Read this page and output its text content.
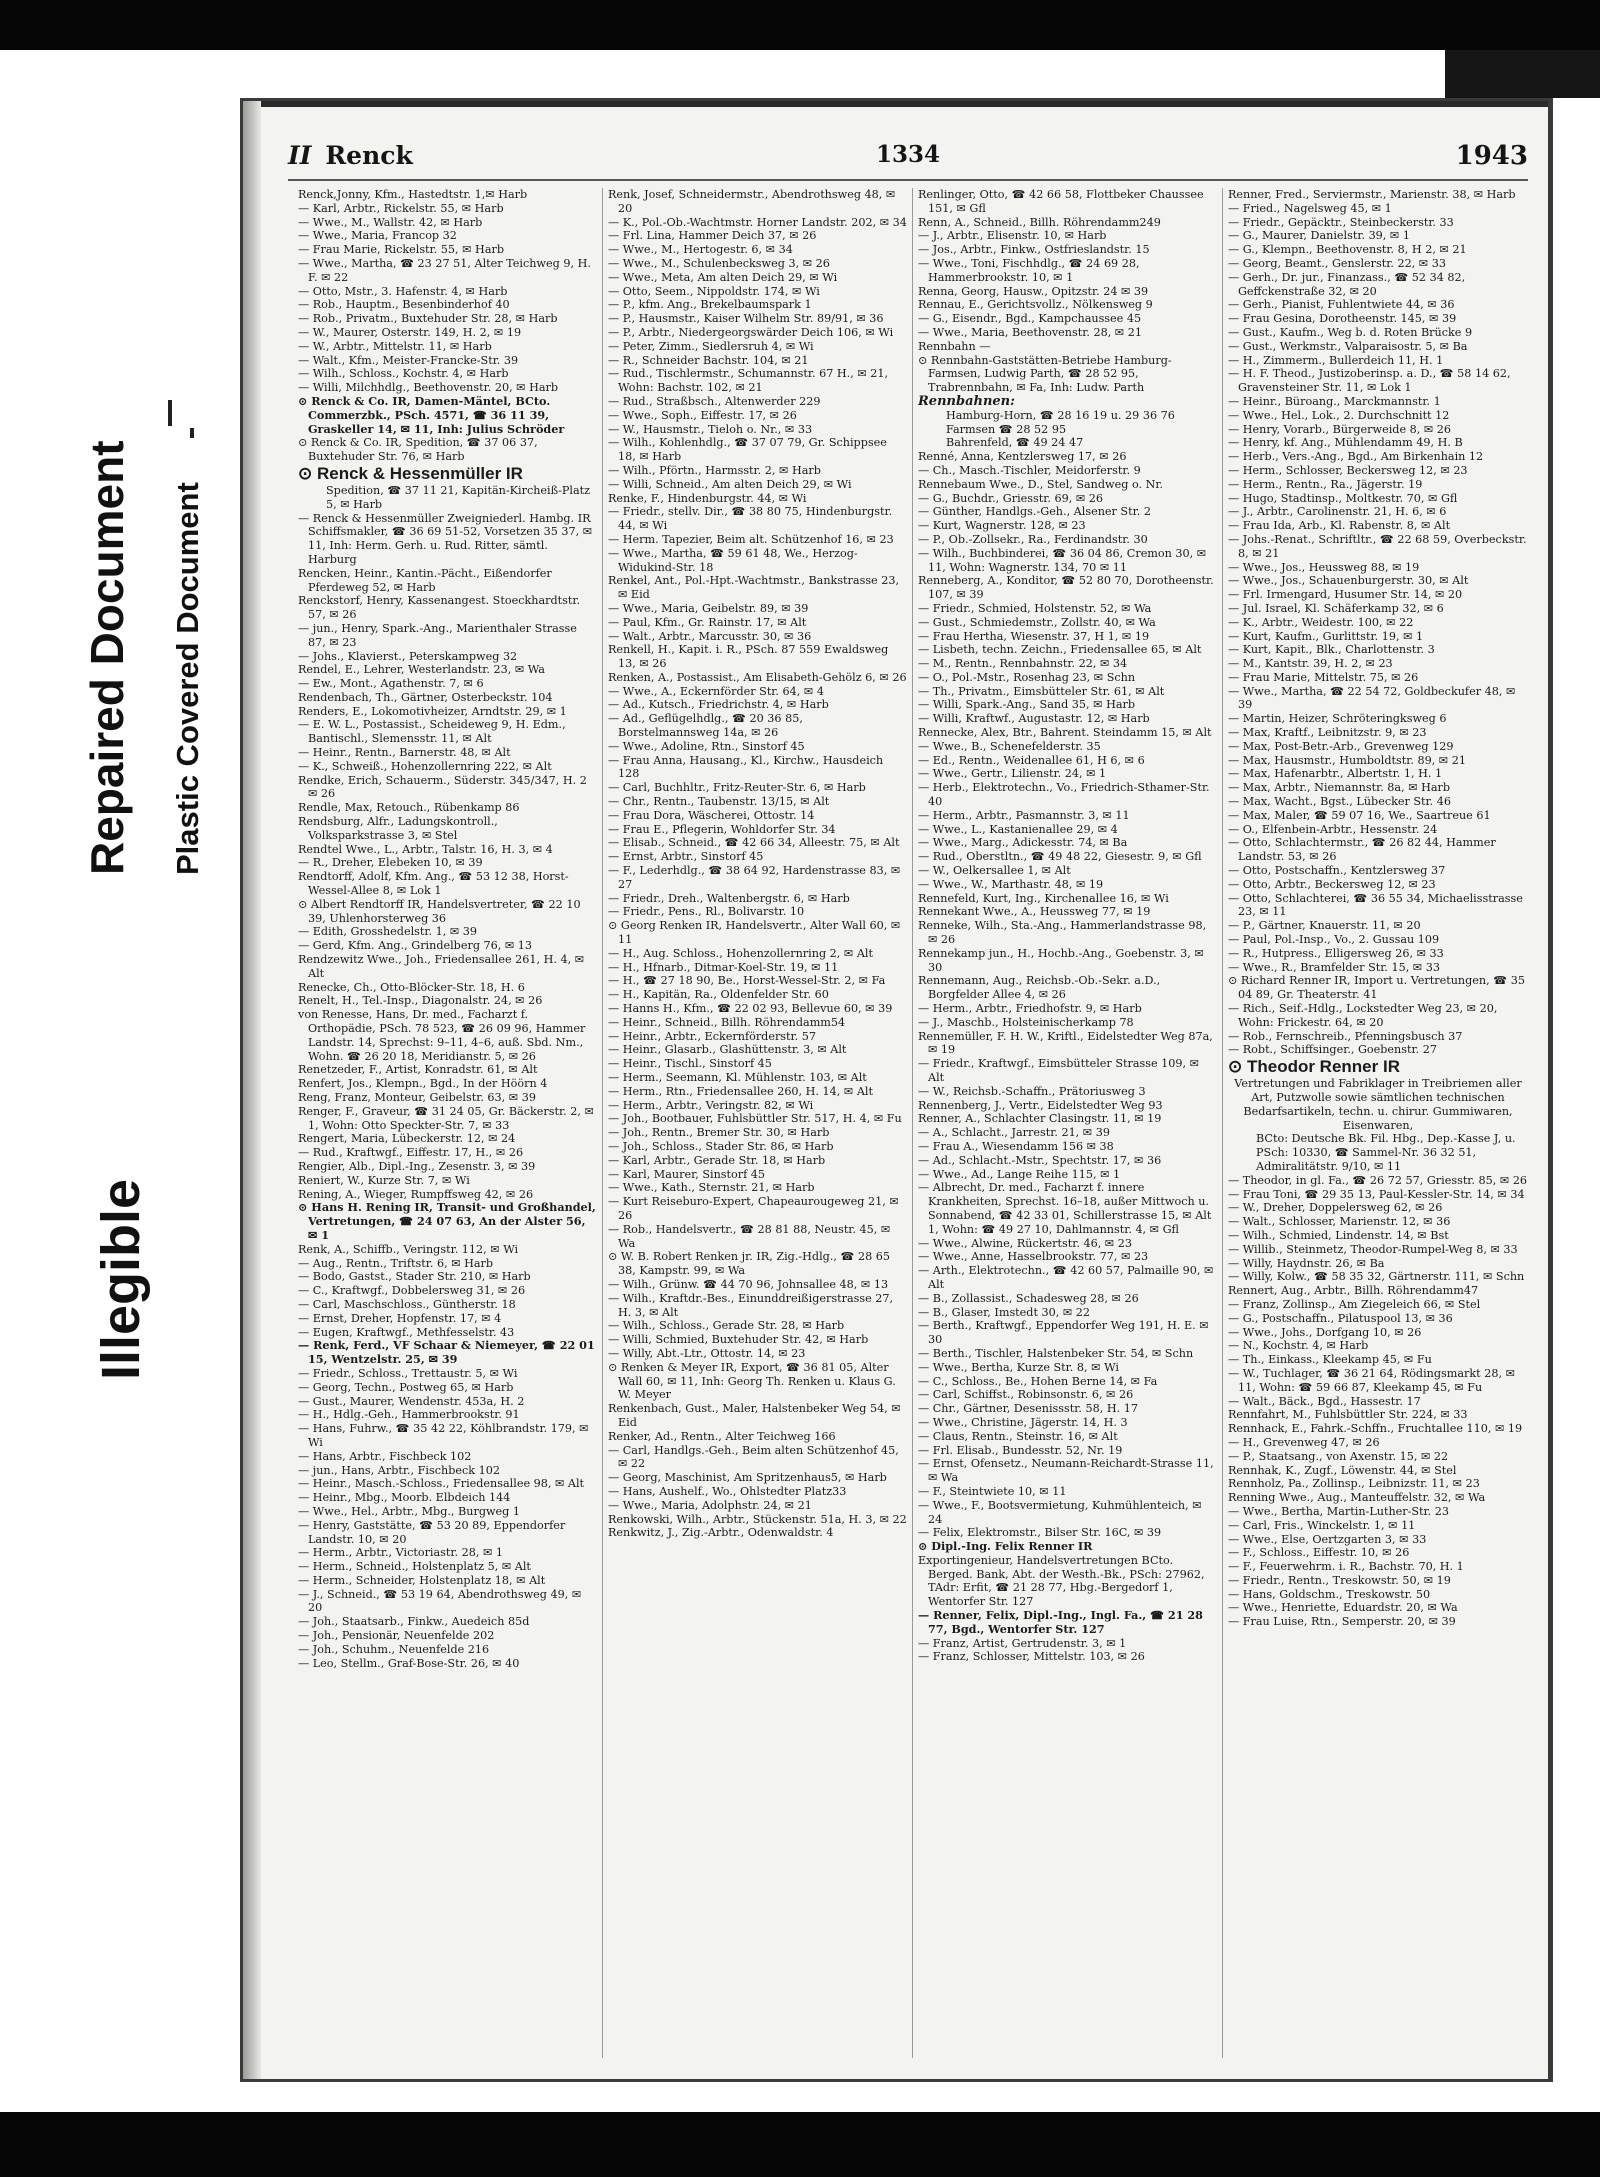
Repaired Document Plastic Covered Document
Illegible
II Renck	1334	1943

Renck,Jonny, Kfm., Hastedtstr. 1,✉ Harb

— Karl, Arbtr., Rickelstr. 55, ✉ Harb

— Wwe., M., Wallstr. 42, ✉ Harb

— Wwe., Maria, Francop 32

— Frau Marie, Rickelstr. 55, ✉ Harb

— Wwe., Martha, ☎ 23 27 51, Alter Teichweg 9, H. F. ✉ 22

— Otto, Mstr., 3. Hafenstr. 4, ✉ Harb

— Rob., Hauptm., Besenbinderhof 40

— Rob., Privatm., Buxtehuder Str. 28, ✉ Harb

— W., Maurer, Osterstr. 149, H. 2, ✉ 19

— W., Arbtr., Mittelstr. 11, ✉ Harb

— Walt., Kfm., Meister-Francke-Str. 39

— Wilh., Schloss., Kochstr. 4, ✉ Harb

— Willi, Milchhdlg., Beethovenstr. 20, ✉ Harb

⊙ Renck & Co. IR, Damen-Mäntel, BCto. Commerzbk., PSch. 4571, ☎ 36 11 39, Graskeller 14, ✉ 11, Inh: Julius Schröder

⊙ Renck & Co. IR, Spedition, ☎ 37 06 37, Buxtehuder Str. 76, ✉ Harb

⊙ Renck & Hessenmüller IR

Spedition, ☎ 37 11 21, Kapitän-Kircheiß-Platz 5, ✉ Harb

— Renck & Hessenmüller Zweigniederl. Hambg. IR Schiffsmakler, ☎ 36 69 51-52, Vorsetzen 35 37, ✉ 11, Inh: Herm. Gerh. u. Rud. Ritter, sämtl. Harburg

Rencken, Heinr., Kantin.-Pächt., Eißendorfer Pferdeweg 52, ✉ Harb

Renckstorf, Henry, Kassenangest. Stoeckhardtstr. 57, ✉ 26

— jun., Henry, Spark.-Ang., Marienthaler Strasse 87, ✉ 23

— Johs., Klavierst., Peterskampweg 32

Rendel, E., Lehrer, Westerlandstr. 23, ✉ Wa

— Ew., Mont., Agathenstr. 7, ✉ 6

Rendenbach, Th., Gärtner, Osterbeckstr. 104

Renders, E., Lokomotivheizer, Arndtstr. 29, ✉ 1

— E. W. L., Postassist., Scheideweg 9, H. Edm., Bantischl., Slemensstr. 11, ✉ Alt

— Heinr., Rentn., Barnerstr. 48, ✉ Alt

— K., Schweiß., Hohenzollernring 222, ✉ Alt

Rendke, Erich, Schauerm., Süderstr. 345/347, H. 2 ✉ 26

Rendle, Max, Retouch., Rübenkamp 86

Rendsburg, Alfr., Ladungskontroll., Volksparkstrasse 3, ✉ Stel

Rendtel Wwe., L., Arbtr., Talstr. 16, H. 3, ✉ 4

— R., Dreher, Elebeken 10, ✉ 39

Rendtorff, Adolf, Kfm. Ang., ☎ 53 12 38, Horst-Wessel-Allee 8, ✉ Lok 1

⊙ Albert Rendtorff IR, Handelsvertreter, ☎ 22 10 39, Uhlenhorsterweg 36

— Edith, Grosshedelstr. 1, ✉ 39

— Gerd, Kfm. Ang., Grindelberg 76, ✉ 13

Rendzewitz Wwe., Joh., Friedensallee 261, H. 4, ✉ Alt

Renecke, Ch., Otto-Blöcker-Str. 18, H. 6

Renelt, H., Tel.-Insp., Diagonalstr. 24, ✉ 26

von Renesse, Hans, Dr. med., Facharzt f. Orthopädie, PSch. 78 523, ☎ 26 09 96, Hammer Landstr. 14, Sprechst: 9–11, 4–6, auß. Sbd. Nm., Wohn. ☎ 26 20 18, Meridianstr. 5, ✉ 26

Renetzeder, F., Artist, Konradstr. 61, ✉ Alt

Renfert, Jos., Klempn., Bgd., In der Höörn 4

Reng, Franz, Monteur, Geibelstr. 63, ✉ 39

Renger, F., Graveur, ☎ 31 24 05, Gr. Bäckerstr. 2, ✉ 1, Wohn: Otto Speckter-Str. 7, ✉ 33

Rengert, Maria, Lübeckerstr. 12, ✉ 24

— Rud., Kraftwgf., Eiffestr. 17, H., ✉ 26

Rengier, Alb., Dipl.-Ing., Zesenstr. 3, ✉ 39

Reniert, W., Kurze Str. 7, ✉ Wi

Rening, A., Wieger, Rumpffsweg 42, ✉ 26

⊙ Hans H. Rening IR, Transit- und Großhandel, Vertretungen, ☎ 24 07 63, An der Alster 56, ✉ 1

Renk, A., Schiffb., Veringstr. 112, ✉ Wi

— Aug., Rentn., Triftstr. 6, ✉ Harb

— Bodo, Gastst., Stader Str. 210, ✉ Harb

— C., Kraftwgf., Dobbelersweg 31, ✉ 26

— Carl, Maschschloss., Güntherstr. 18

— Ernst, Dreher, Hopfenstr. 17, ✉ 4

— Eugen, Kraftwgf., Methfesselstr. 43

— Renk, Ferd., VF Schaar & Niemeyer, ☎ 22 01 15, Wentzelstr. 25, ✉ 39

— Friedr., Schloss., Trettaustr. 5, ✉ Wi

— Georg, Techn., Postweg 65, ✉ Harb

— Gust., Maurer, Wendenstr. 453a, H. 2

— H., Hdlg.-Geh., Hammerbrookstr. 91

— Hans, Fuhrw., ☎ 35 42 22, Köhlbrandstr. 179, ✉ Wi

— Hans, Arbtr., Fischbeck 102

— jun., Hans, Arbtr., Fischbeck 102

— Heinr., Masch.-Schloss., Friedensallee 98, ✉ Alt

— Heinr., Mbg., Moorb. Elbdeich 144

— Wwe., Hel., Arbtr., Mbg., Burgweg 1

— Henry, Gaststätte, ☎ 53 20 89, Eppendorfer Landstr. 10, ✉ 20

— Herm., Arbtr., Victoriastr. 28, ✉ 1

— Herm., Schneid., Holstenplatz 5, ✉ Alt

— Herm., Schneider, Holstenplatz 18, ✉ Alt

— J., Schneid., ☎ 53 19 64, Abendrothsweg 49, ✉ 20

— Joh., Staatsarb., Finkw., Auedeich 85d

— Joh., Pensionär, Neuenfelde 202

— Joh., Schuhm., Neuenfelde 216

— Leo, Stellm., Graf-Bose-Str. 26, ✉ 40

Renk, Josef, Schneidermstr., Abendrothsweg 48, ✉ 20

— K., Pol.-Ob.-Wachtmstr. Horner Landstr. 202, ✉ 34

— Frl. Lina, Hammer Deich 37, ✉ 26

— Wwe., M., Hertogestr. 6, ✉ 34

— Wwe., M., Schulenbecksweg 3, ✉ 26

— Wwe., Meta, Am alten Deich 29, ✉ Wi

— Otto, Seem., Nippoldstr. 174, ✉ Wi

— P., kfm. Ang., Brekelbaumspark 1

— P., Hausmstr., Kaiser Wilhelm Str. 89/91, ✉ 36

— P., Arbtr., Niedergeorgswärder Deich 106, ✉ Wi

— Peter, Zimm., Siedlersruh 4, ✉ Wi

— R., Schneider Bachstr. 104, ✉ 21

— Rud., Tischlermstr., Schumannstr. 67 H., ✉ 21, Wohn: Bachstr. 102, ✉ 21

— Rud., Straßbsch., Altenwerder 229

— Wwe., Soph., Eiffestr. 17, ✉ 26

— W., Hausmstr., Tieloh o. Nr., ✉ 33

— Wilh., Kohlenhdlg., ☎ 37 07 79, Gr. Schippsee 18, ✉ Harb

— Wilh., Pförtn., Harmsstr. 2, ✉ Harb

— Willi, Schneid., Am alten Deich 29, ✉ Wi

Renke, F., Hindenburgstr. 44, ✉ Wi

— Friedr., stellv. Dir., ☎ 38 80 75, Hindenburgstr. 44, ✉ Wi

— Herm. Tapezier, Beim alt. Schützenhof 16, ✉ 23

— Wwe., Martha, ☎ 59 61 48, We., Herzog-Widukind-Str. 18

Renkel, Ant., Pol.-Hpt.-Wachtmstr., Bankstrasse 23, ✉ Eid

— Wwe., Maria, Geibelstr. 89, ✉ 39

— Paul, Kfm., Gr. Rainstr. 17, ✉ Alt

— Walt., Arbtr., Marcusstr. 30, ✉ 36

Renkell, H., Kapit. i. R., PSch. 87 559 Ewaldsweg 13, ✉ 26

Renken, A., Postassist., Am Elisabeth-Gehölz 6, ✉ 26

— Wwe., A., Eckernförder Str. 64, ✉ 4

— Ad., Kutsch., Friedrichstr. 4, ✉ Harb

— Ad., Geflügelhdlg., ☎ 20 36 85, Borstelmannsweg 14a, ✉ 26

— Wwe., Adoline, Rtn., Sinstorf 45

— Frau Anna, Hausang., Kl., Kirchw., Hausdeich 128

— Carl, Buchhltr., Fritz-Reuter-Str. 6, ✉ Harb

— Chr., Rentn., Taubenstr. 13/15, ✉ Alt

— Frau Dora, Wäscherei, Ottostr. 14

— Frau E., Pflegerin, Wohldorfer Str. 34

— Elisab., Schneid., ☎ 42 66 34, Alleestr. 75, ✉ Alt

— Ernst, Arbtr., Sinstorf 45

— F., Lederhdlg., ☎ 38 64 92, Hardenstrasse 83, ✉ 27

— Friedr., Dreh., Waltenbergstr. 6, ✉ Harb

— Friedr., Pens., Rl., Bolivarstr. 10

⊙ Georg Renken IR, Handelsvertr., Alter Wall 60, ✉ 11

— H., Aug. Schloss., Hohenzollernring 2, ✉ Alt

— H., Hfnarb., Ditmar-Koel-Str. 19, ✉ 11

— H., ☎ 27 18 90, Be., Horst-Wessel-Str. 2, ✉ Fa

— H., Kapitän, Ra., Oldenfelder Str. 60

— Hanns H., Kfm., ☎ 22 02 93, Bellevue 60, ✉ 39

— Heinr., Schneid., Billh. Röhrendamm54

— Heinr., Arbtr., Eckernförderstr. 57

— Heinr., Glasarb., Glashüttenstr. 3, ✉ Alt

— Heinr., Tischl., Sinstorf 45

— Herm., Seemann, Kl. Mühlenstr. 103, ✉ Alt

— Herm., Rtn., Friedensallee 260, H. 14, ✉ Alt

— Herm., Arbtr., Veringstr. 82, ✉ Wi

— Joh., Bootbauer, Fuhlsbüttler Str. 517, H. 4, ✉ Fu

— Joh., Rentn., Bremer Str. 30, ✉ Harb

— Joh., Schloss., Stader Str. 86, ✉ Harb

— Karl, Arbtr., Gerade Str. 18, ✉ Harb

— Karl, Maurer, Sinstorf 45

— Wwe., Kath., Sternstr. 21, ✉ Harb

— Kurt Reiseburo-Expert, Chapeaurougeweg 21, ✉ 26

— Rob., Handelsvertr., ☎ 28 81 88, Neustr. 45, ✉ Wa

⊙ W. B. Robert Renken jr. IR, Zig.-Hdlg., ☎ 28 65 38, Kampstr. 99, ✉ Wa

— Wilh., Grünw. ☎ 44 70 96, Johnsallee 48, ✉ 13

— Wilh., Kraftdr.-Bes., Einunddreißigerstrasse 27, H. 3, ✉ Alt

— Wilh., Schloss., Gerade Str. 28, ✉ Harb

— Willi, Schmied, Buxtehuder Str. 42, ✉ Harb

— Willy, Abt.-Ltr., Ottostr. 14, ✉ 23

⊙ Renken & Meyer IR, Export, ☎ 36 81 05, Alter Wall 60, ✉ 11, Inh: Georg Th. Renken u. Klaus G. W. Meyer

Renkenbach, Gust., Maler, Halstenbeker Weg 54, ✉ Eid

Renker, Ad., Rentn., Alter Teichweg 166

— Carl, Handlgs.-Geh., Beim alten Schützenhof 45, ✉ 22

— Georg, Maschinist, Am Spritzenhaus5, ✉ Harb

— Hans, Aushelf., Wo., Ohlstedter Platz33

— Wwe., Maria, Adolphstr. 24, ✉ 21

Renkowski, Wilh., Arbtr., Stückenstr. 51a, H. 3, ✉ 22

Renkwitz, J., Zig.-Arbtr., Odenwaldstr. 4

Renlinger, Otto, ☎ 42 66 58, Flottbeker Chaussee 151, ✉ Gfl

Renn, A., Schneid., Billh. Röhrendamm249

— J., Arbtr., Elisenstr. 10, ✉ Harb

— Jos., Arbtr., Finkw., Ostfrieslandstr. 15

— Wwe., Toni, Fischhdlg., ☎ 24 69 28, Hammerbrookstr. 10, ✉ 1

Renna, Georg, Hausw., Opitzstr. 24 ✉ 39

Rennau, E., Gerichtsvollz., Nölkensweg 9

— G., Eisendr., Bgd., Kampchaussee 45

— Wwe., Maria, Beethovenstr. 28, ✉ 21

Rennbahn —

⊙ Rennbahn-Gaststätten-Betriebe Hamburg-Farmsen, Ludwig Parth, ☎ 28 52 95, Trabrennbahn, ✉ Fa, Inh: Ludw. Parth

Rennbahnen:

Hamburg-Horn, ☎ 28 16 19 u. 29 36 76

Farmsen ☎ 28 52 95

Bahrenfeld, ☎ 49 24 47

Renné, Anna, Kentzlersweg 17, ✉ 26

— Ch., Masch.-Tischler, Meidorferstr. 9

Rennebaum Wwe., D., Stel, Sandweg o. Nr.

— G., Buchdr., Griesstr. 69, ✉ 26

— Günther, Handlgs.-Geh., Alsener Str. 2

— Kurt, Wagnerstr. 128, ✉ 23

— P., Ob.-Zollsekr., Ra., Ferdinandstr. 30

— Wilh., Buchbinderei, ☎ 36 04 86, Cremon 30, ✉ 11, Wohn: Wagnerstr. 134, 70 ✉ 11

Renneberg, A., Konditor, ☎ 52 80 70, Dorotheenstr. 107, ✉ 39

— Friedr., Schmied, Holstenstr. 52, ✉ Wa

— Gust., Schmiedemstr., Zollstr. 40, ✉ Wa

— Frau Hertha, Wiesenstr. 37, H 1, ✉ 19

— Lisbeth, techn. Zeichn., Friedensallee 65, ✉ Alt

— M., Rentn., Rennbahnstr. 22, ✉ 34

— O., Pol.-Mstr., Rosenhag 23, ✉ Schn

— Th., Privatm., Eimsbütteler Str. 61, ✉ Alt

— Willi, Spark.-Ang., Sand 35, ✉ Harb

— Willi, Kraftwf., Augustastr. 12, ✉ Harb

Rennecke, Alex, Btr., Bahrent. Steindamm 15, ✉ Alt

— Wwe., B., Schenefelderstr. 35

— Ed., Rentn., Weidenallee 61, H 6, ✉ 6

— Wwe., Gertr., Lilienstr. 24, ✉ 1

— Herb., Elektrotechn., Vo., Friedrich-Sthamer-Str. 40

— Herm., Arbtr., Pasmannstr. 3, ✉ 11

— Wwe., L., Kastanienallee 29, ✉ 4

— Wwe., Marg., Adickesstr. 74, ✉ Ba

— Rud., Oberstltn., ☎ 49 48 22, Giesestr. 9, ✉ Gfl

— W., Oelkersallee 1, ✉ Alt

— Wwe., W., Marthastr. 48, ✉ 19

Rennefeld, Kurt, Ing., Kirchenallee 16, ✉ Wi

Rennekant Wwe., A., Heussweg 77, ✉ 19

Renneke, Wilh., Sta.-Ang., Hammerlandstrasse 98, ✉ 26

Rennekamp jun., H., Hochb.-Ang., Goebenstr. 3, ✉ 30

Rennemann, Aug., Reichsb.-Ob.-Sekr. a.D., Borgfelder Allee 4, ✉ 26

— Herm., Arbtr., Friedhofstr. 9, ✉ Harb

— J., Maschb., Holsteinischerkamp 78

Rennemüller, F. H. W., Kriftl., Eidelstedter Weg 87a, ✉ 19

— Friedr., Kraftwgf., Eimsbütteler Strasse 109, ✉ Alt

— W., Reichsb.-Schaffn., Prätoriusweg 3

Rennenberg, J., Vertr., Eidelstedter Weg 93

Renner, A., Schlachter Clasingstr. 11, ✉ 19

— A., Schlacht., Jarrestr. 21, ✉ 39

— Frau A., Wiesendamm 156 ✉ 38

— Ad., Schlacht.-Mstr., Spechtstr. 17, ✉ 36

— Wwe., Ad., Lange Reihe 115, ✉ 1

— Albrecht, Dr. med., Facharzt f. innere Krankheiten, Sprechst. 16–18, außer Mittwoch u. Sonnabend, ☎ 42 33 01, Schillerstrasse 15, ✉ Alt 1, Wohn: ☎ 49 27 10, Dahlmannstr. 4, ✉ Gfl

— Wwe., Alwine, Rückertstr. 46, ✉ 23

— Wwe., Anne, Hasselbrookstr. 77, ✉ 23

— Arth., Elektrotechn., ☎ 42 60 57, Palmaille 90, ✉ Alt

— B., Zollassist., Schadesweg 28, ✉ 26

— B., Glaser, Imstedt 30, ✉ 22

— Berth., Kraftwgf., Eppendorfer Weg 191, H. E. ✉ 30

— Berth., Tischler, Halstenbeker Str. 54, ✉ Schn

— Wwe., Bertha, Kurze Str. 8, ✉ Wi

— C., Schloss., Be., Hohen Berne 14, ✉ Fa

— Carl, Schiffst., Robinsonstr. 6, ✉ 26

— Chr., Gärtner, Desenissstr. 58, H. 17

— Wwe., Christine, Jägerstr. 14, H. 3

— Claus, Rentn., Steinstr. 16, ✉ Alt

— Frl. Elisab., Bundesstr. 52, Nr. 19

— Ernst, Ofensetz., Neumann-Reichardt-Strasse 11, ✉ Wa

— F., Steintwiete 10, ✉ 11

— Wwe., F., Bootsvermietung, Kuhmühlenteich, ✉ 24

— Felix, Elektromstr., Bilser Str. 16C, ✉ 39

⊙ Dipl.-Ing. Felix Renner IR

Exportingenieur, Handelsvertretungen BCto. Berged. Bank, Abt. der Westh.-Bk., PSch: 27962, TAdr: Erfit, ☎ 21 28 77, Hbg.-Bergedorf 1, Wentorfer Str. 127

— Renner, Felix, Dipl.-Ing., Ingl. Fa., ☎ 21 28 77, Bgd., Wentorfer Str. 127

— Franz, Artist, Gertrudenstr. 3, ✉ 1

— Franz, Schlosser, Mittelstr. 103, ✉ 26

Renner, Fred., Serviermstr., Marienstr. 38, ✉ Harb

— Fried., Nagelsweg 45, ✉ 1

— Friedr., Gepäcktr., Steinbeckerstr. 33

— G., Maurer, Danielstr. 39, ✉ 1

— G., Klempn., Beethovenstr. 8, H 2, ✉ 21

— Georg, Beamt., Genslerstr. 22, ✉ 33

— Gerh., Dr. jur., Finanzass., ☎ 52 34 82, Geffckenstraße 32, ✉ 20

— Gerh., Pianist, Fuhlentwiete 44, ✉ 36

— Frau Gesina, Dorotheenstr. 145, ✉ 39

— Gust., Kaufm., Weg b. d. Roten Brücke 9

— Gust., Werkmstr., Valparaisostr. 5, ✉ Ba

— H., Zimmerm., Bullerdeich 11, H. 1

— H. F. Theod., Justizoberinsp. a. D., ☎ 58 14 62, Gravensteiner Str. 11, ✉ Lok 1

— Heinr., Büroang., Marckmannstr. 1

— Wwe., Hel., Lok., 2. Durchschnitt 12

— Henry, Vorarb., Bürgerweide 8, ✉ 26

— Henry, kf. Ang., Mühlendamm 49, H. B

— Herb., Vers.-Ang., Bgd., Am Birkenhain 12

— Herm., Schlosser, Beckersweg 12, ✉ 23

— Herm., Rentn., Ra., Jägerstr. 19

— Hugo, Stadtinsp., Moltkestr. 70, ✉ Gfl

— J., Arbtr., Carolinenstr. 21, H. 6, ✉ 6

— Frau Ida, Arb., Kl. Rabenstr. 8, ✉ Alt

— Johs.-Renat., Schriftltr., ☎ 22 68 59, Overbeckstr. 8, ✉ 21

— Wwe., Jos., Heussweg 88, ✉ 19

— Wwe., Jos., Schauenburgerstr. 30, ✉ Alt

— Frl. Irmengard, Husumer Str. 14, ✉ 20

— Jul. Israel, Kl. Schäferkamp 32, ✉ 6

— K., Arbtr., Weidestr. 100, ✉ 22

— Kurt, Kaufm., Gurlittstr. 19, ✉ 1

— Kurt, Kapit., Blk., Charlottenstr. 3

— M., Kantstr. 39, H. 2, ✉ 23

— Frau Marie, Mittelstr. 75, ✉ 26

— Wwe., Martha, ☎ 22 54 72, Goldbeckufer 48, ✉ 39

— Martin, Heizer, Schröteringksweg 6

— Max, Kraftf., Leibnitzstr. 9, ✉ 23

— Max, Post-Betr.-Arb., Grevenweg 129

— Max, Hausmstr., Humboldtstr. 89, ✉ 21

— Max, Hafenarbtr., Albertstr. 1, H. 1

— Max, Arbtr., Niemannstr. 8a, ✉ Harb

— Max, Wacht., Bgst., Lübecker Str. 46

— Max, Maler, ☎ 59 07 16, We., Saartreue 61

— O., Elfenbein-Arbtr., Hessenstr. 24

— Otto, Schlachtermstr., ☎ 26 82 44, Hammer Landstr. 53, ✉ 26

— Otto, Postschaffn., Kentzlersweg 37

— Otto, Arbtr., Beckersweg 12, ✉ 23

— Otto, Schlachterei, ☎ 36 55 34, Michaelisstrasse 23, ✉ 11

— P., Gärtner, Knauerstr. 11, ✉ 20

— Paul, Pol.-Insp., Vo., 2. Gussau 109

— R., Hutpress., Elligersweg 26, ✉ 33

— Wwe., R., Bramfelder Str. 15, ✉ 33

⊙ Richard Renner IR, Import u. Vertretungen, ☎ 35 04 89, Gr. Theaterstr. 41

— Rich., Seif.-Hdlg., Lockstedter Weg 23, ✉ 20, Wohn: Frickestr. 64, ✉ 20

— Rob., Fernschreib., Pfenningsbusch 37

— Robt., Schiffsinger., Goebenstr. 27

⊙ Theodor Renner IR

Vertretungen und Fabriklager in Treibriemen aller Art, Putzwolle sowie sämtlichen technischen Bedarfsartikeln, techn. u. chirur. Gummiwaren, Eisenwaren,

BCto: Deutsche Bk. Fil. Hbg., Dep.-Kasse J, u. PSch: 10330, ☎ Sammel-Nr. 36 32 51, Admiralitätstr. 9/10, ✉ 11

— Theodor, in gl. Fa., ☎ 26 72 57, Griesstr. 85, ✉ 26

— Frau Toni, ☎ 29 35 13, Paul-Kessler-Str. 14, ✉ 34

— W., Dreher, Doppelersweg 62, ✉ 26

— Walt., Schlosser, Marienstr. 12, ✉ 36

— Wilh., Schmied, Lindenstr. 14, ✉ Bst

— Willib., Steinmetz, Theodor-Rumpel-Weg 8, ✉ 33

— Willy, Haydnstr. 26, ✉ Ba

— Willy, Kolw., ☎ 58 35 32, Gärtnerstr. 111, ✉ Schn

Rennert, Aug., Arbtr., Billh. Röhrendamm47

— Franz, Zollinsp., Am Ziegeleich 66, ✉ Stel

— G., Postschaffn., Pilatuspool 13, ✉ 36

— Wwe., Johs., Dorfgang 10, ✉ 26

— N., Kochstr. 4, ✉ Harb

— Th., Einkass., Kleekamp 45, ✉ Fu

— W., Tuchlager, ☎ 36 21 64, Rödingsmarkt 28, ✉ 11, Wohn: ☎ 59 66 87, Kleekamp 45, ✉ Fu

— Walt., Bäck., Bgd., Hassestr. 17

Rennfahrt, M., Fuhlsbüttler Str. 224, ✉ 33

Rennhack, E., Fahrk.-Schffn., Fruchtallee 110, ✉ 19

— H., Grevenweg 47, ✉ 26

— P., Staatsang., von Axenstr. 15, ✉ 22

Rennhak, K., Zugf., Löwenstr. 44, ✉ Stel

Rennholz, Pa., Zollinsp., Leibnizstr. 11, ✉ 23

Renning Wwe., Aug., Manteuffelstr. 32, ✉ Wa

— Wwe., Bertha, Martin-Luther-Str. 23

— Carl, Fris., Winckelstr. 1, ✉ 11

— Wwe., Else, Oertzgarten 3, ✉ 33

— F., Schloss., Eiffestr. 10, ✉ 26

— F., Feuerwehrm. i. R., Bachstr. 70, H. 1

— Friedr., Rentn., Treskowstr. 50, ✉ 19

— Hans, Goldschm., Treskowstr. 50

— Wwe., Henriette, Eduardstr. 20, ✉ Wa

— Frau Luise, Rtn., Semperstr. 20, ✉ 39
